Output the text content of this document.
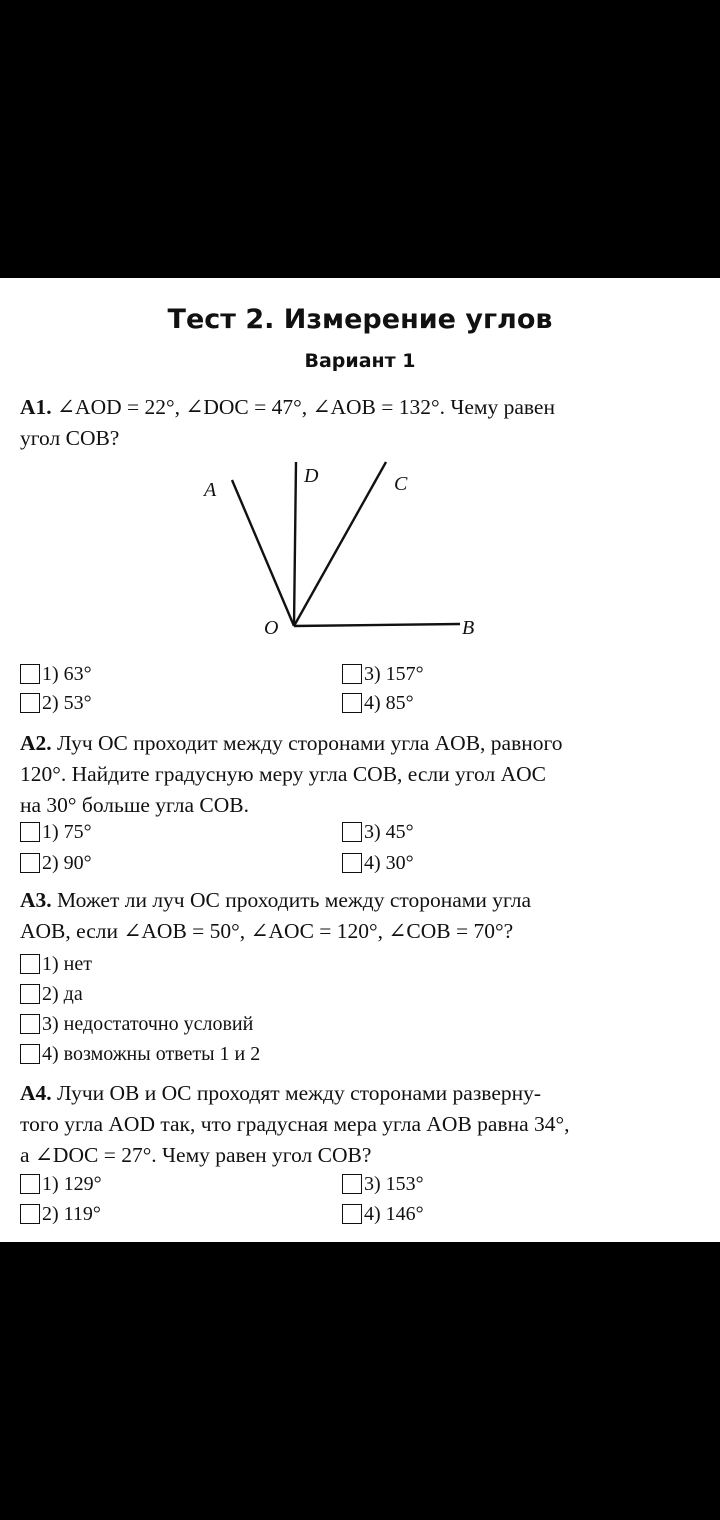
Тест 2. Измерение углов
Вариант 1
A1. ∠AOD = 22°, ∠DOC = 47°, ∠AOB = 132°. Чему равен
угол COB?
A
D	C
O	B
1) 63°
2) 53°
3) 157°
4) 85°
A2. Луч OC проходит между сторонами угла AOB, равного
120°. Найдите градусную меру угла COB, если угол AOC
на 30° больше угла COB.
1) 75°
2) 90°
3) 45°
4) 30°
A3. Может ли луч OC проходить между сторонами угла
AOB, если ∠AOB = 50°, ∠AOC = 120°, ∠COB = 70°?
1) нет
2) да
3) недостаточно условий
4) возможны ответы 1 и 2
A4. Лучи OB и OC проходят между сторонами разверну-
того угла AOD так, что градусная мера угла AOB равна 34°,
а ∠DOC = 27°. Чему равен угол COB?
1) 129°
2) 119°
3) 153°
4) 146°
